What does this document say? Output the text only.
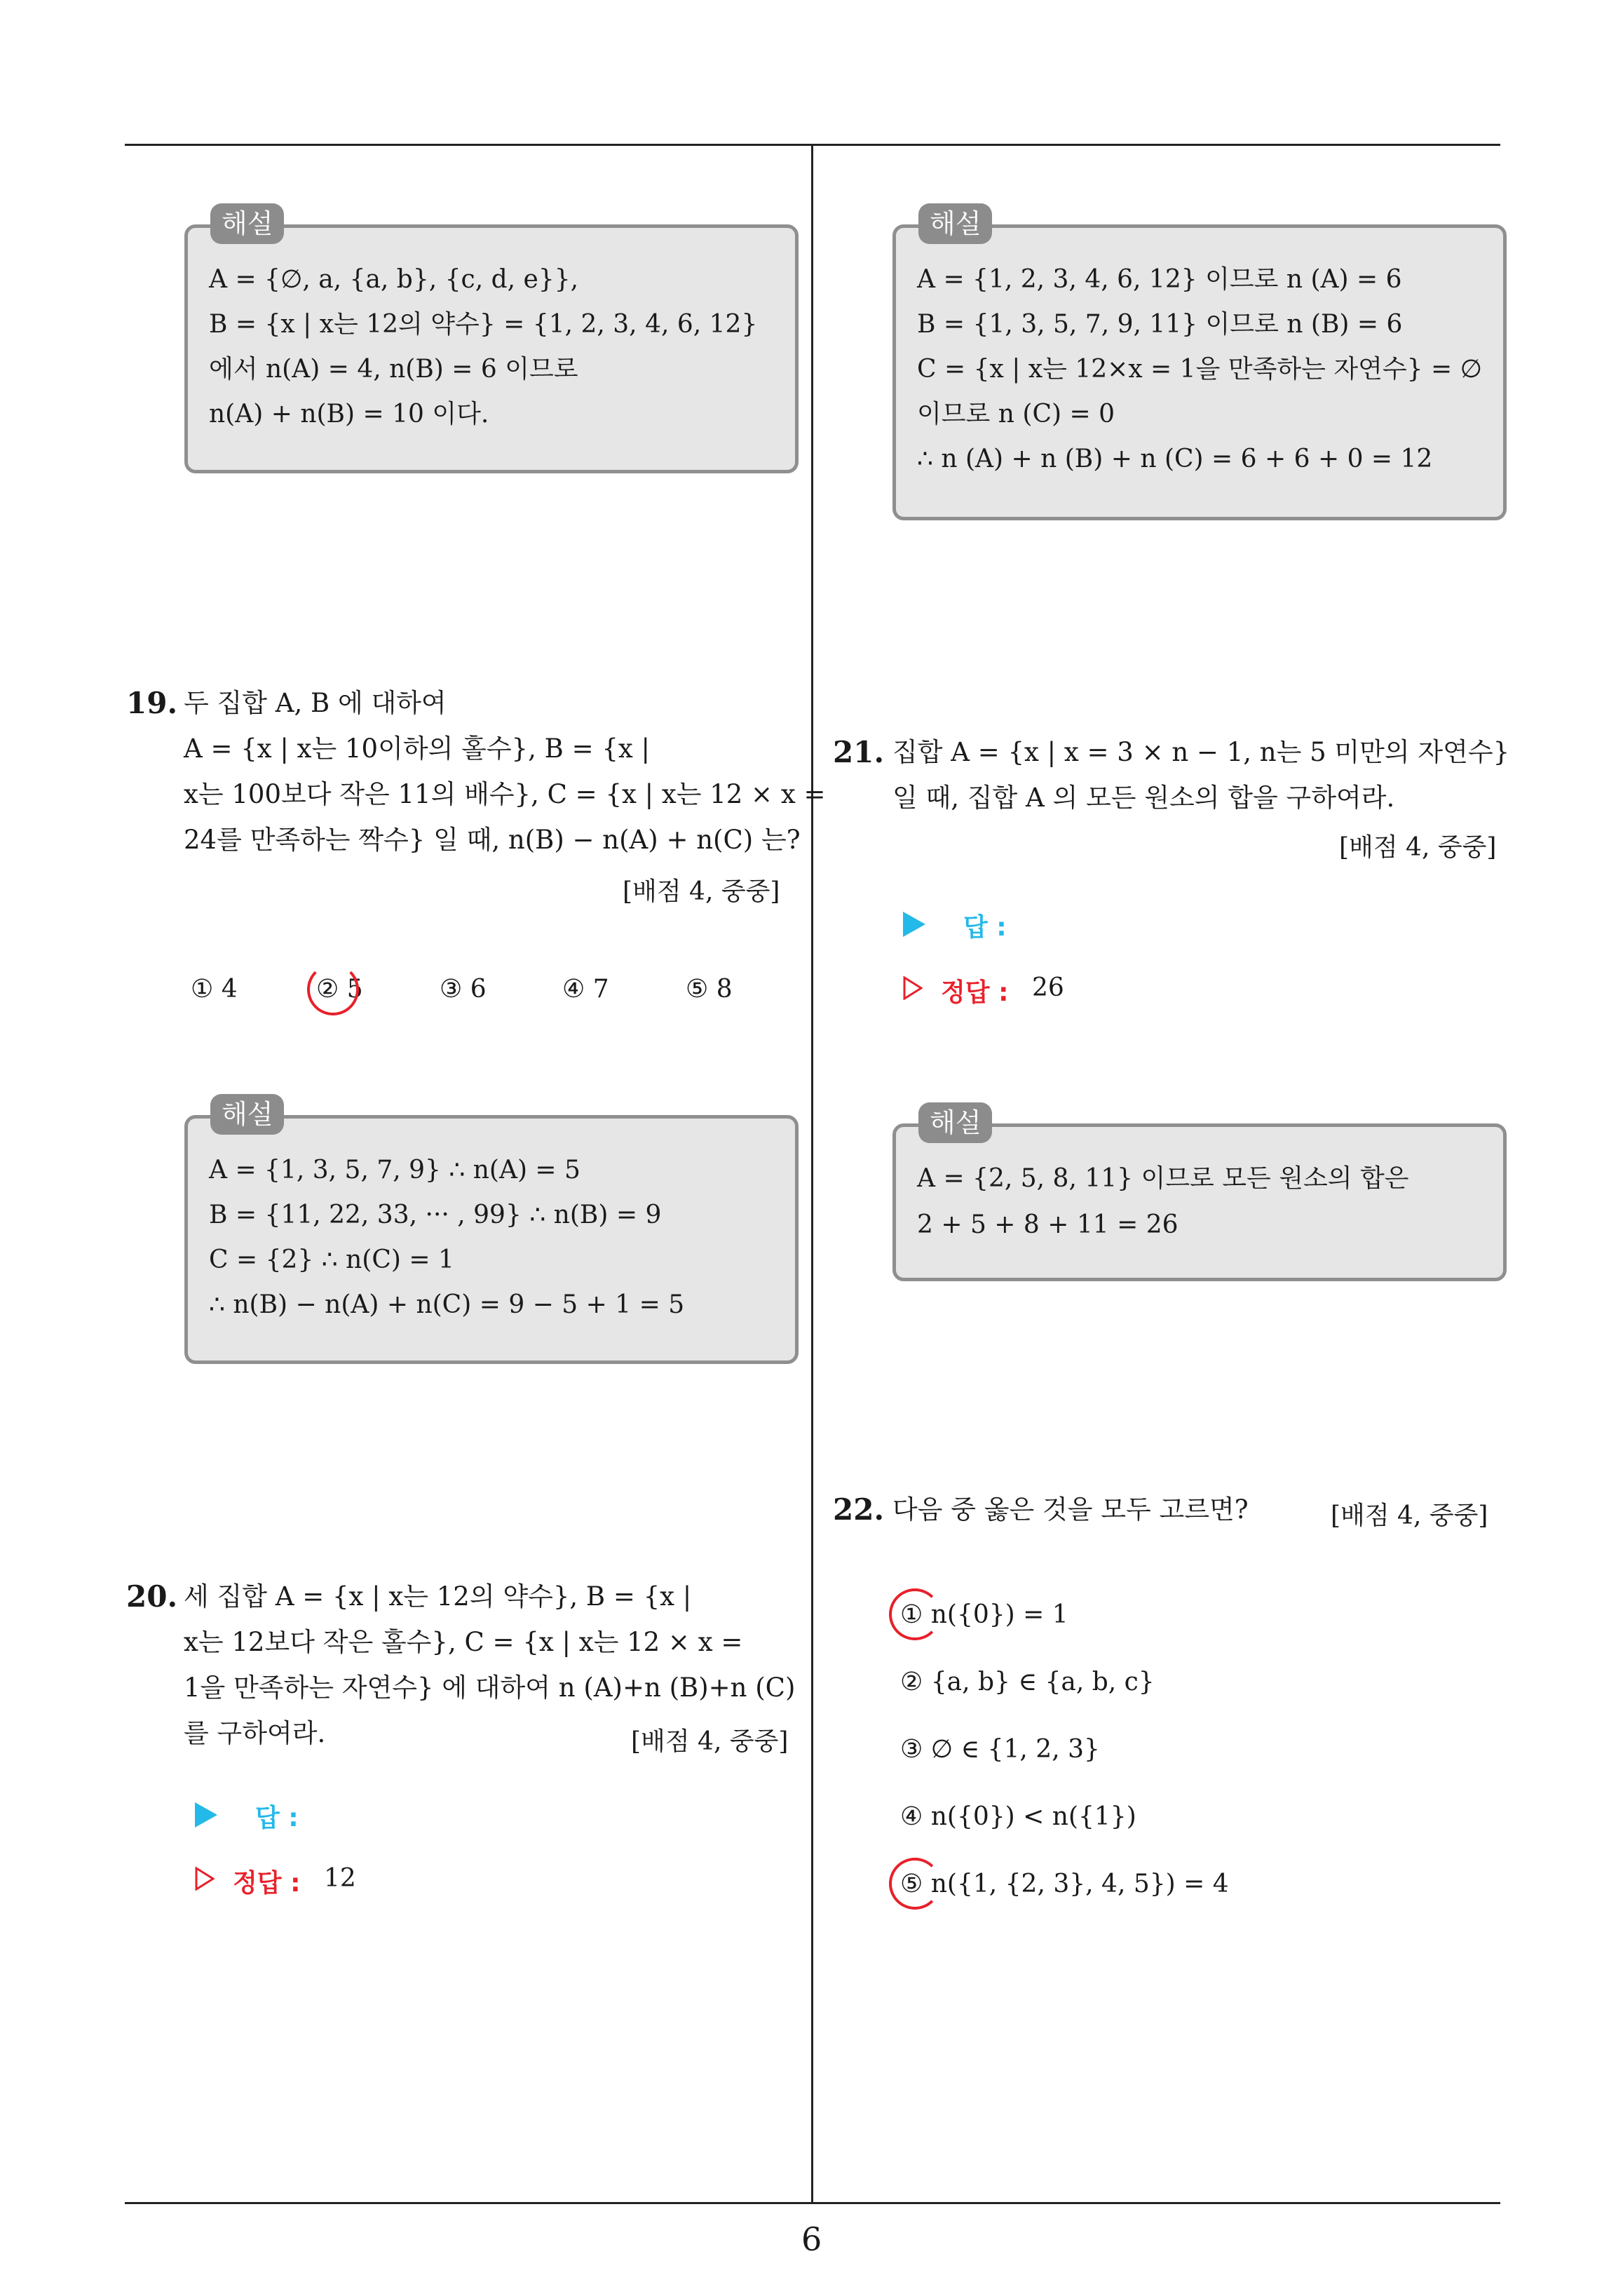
A = {∅, a, {a, b}, {c, d, e}},
B = {x | x는 12의 약수} = {1, 2, 3, 4, 6, 12}
에서 n(A) = 4, n(B) = 6 이므로
n(A) + n(B) = 10 이다.
해설
A = {1, 2, 3, 4, 6, 12} 이므로 n (A) = 6
B = {1, 3, 5, 7, 9, 11} 이므로 n (B) = 6
C = {x | x는 12×x = 1을 만족하는 자연수} = ∅
이므로 n (C) = 0
∴ n (A) + n (B) + n (C) = 6 + 6 + 0 = 12
해설
19. 두 집합 A, B 에 대하여
A = {x | x는 10이하의 홀수}, B = {x |
x는 100보다 작은 11의 배수}, C = {x | x는 12 × x =
24를 만족하는 짝수} 일 때, n(B) − n(A) + n(C) 는?
[배점 4, 중중]
① 4	② 5	③ 6	④ 7	⑤ 8
A = {1, 3, 5, 7, 9} ∴ n(A) = 5
B = {11, 22, 33, ··· , 99} ∴ n(B) = 9
C = {2} ∴ n(C) = 1
∴ n(B) − n(A) + n(C) = 9 − 5 + 1 = 5
해설
20. 세 집합 A = {x | x는 12의 약수}, B = {x |
x는 12보다 작은 홀수}, C = {x | x는 12 × x =
1을 만족하는 자연수} 에 대하여 n (A)+n (B)+n (C)
를 구하여라.	[배점 4, 중중]
답 :
정답 : 12
21. 집합 A = {x | x = 3 × n − 1, n는 5 미만의 자연수}
일 때, 집합 A 의 모든 원소의 합을 구하여라.
[배점 4, 중중]
답 :
정답 : 26
A = {2, 5, 8, 11} 이므로 모든 원소의 합은
2 + 5 + 8 + 11 = 26
해설
22. 다음 중 옳은 것을 모두 고르면?	[배점 4, 중중]
① n({0}) = 1
② {a, b} ∈ {a, b, c}
③ ∅ ∈ {1, 2, 3}
④ n({0}) < n({1})
⑤ n({1, {2, 3}, 4, 5}) = 4
6
